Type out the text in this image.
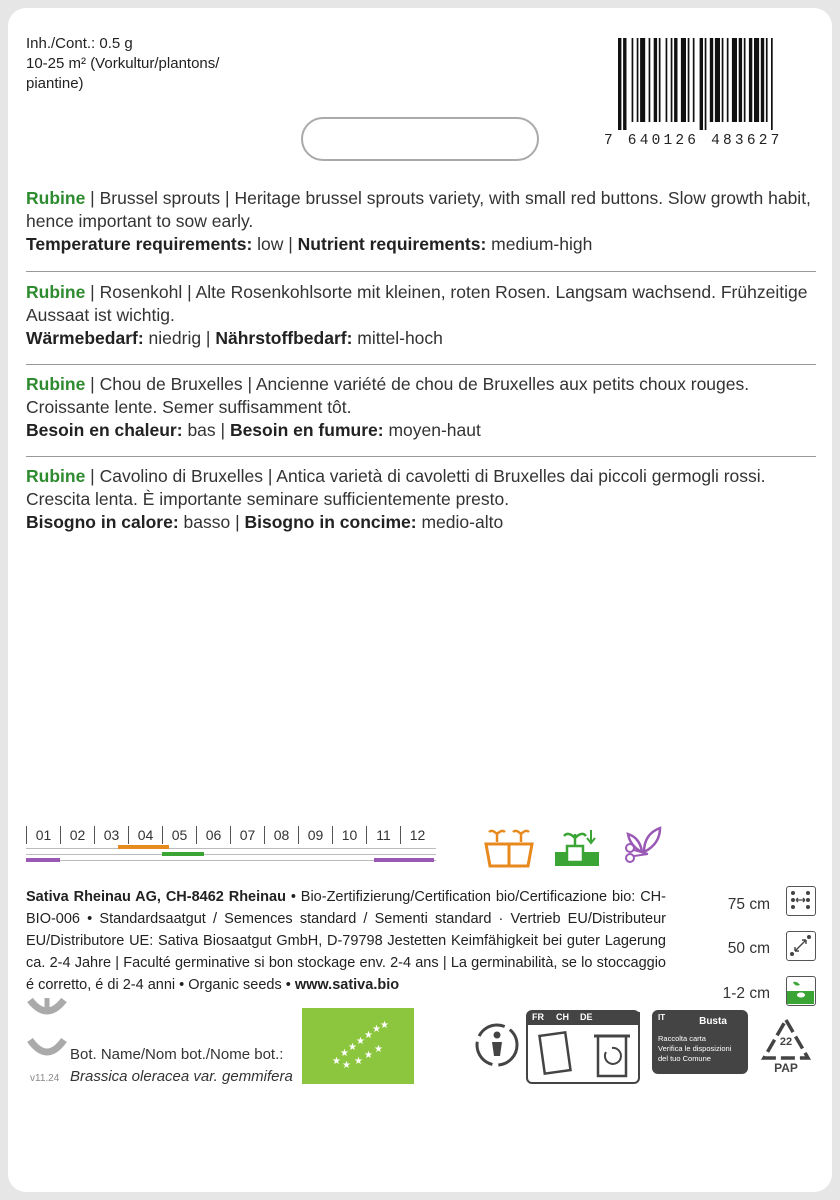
Inh./Cont.: 0.5 g
10-25 m² (Vorkultur/plantons/
piantine)
7 640126 483627
Rubine | Brussel sprouts | Heritage brussel sprouts variety, with small red buttons. Slow growth habit, hence important to sow early.
Temperature requirements: low | Nutrient requirements: medium-high
Rubine | Rosenkohl | Alte Rosenkohlsorte mit kleinen, roten Rosen. Langsam wachsend. Frühzeitige Aussaat ist wichtig.
Wärmebedarf: niedrig | Nährstoffbedarf: mittel-hoch
Rubine | Chou de Bruxelles | Ancienne variété de chou de Bruxelles aux petits choux rouges. Croissante lente. Semer suffisamment tôt.
Besoin en chaleur: bas | Besoin en fumure: moyen-haut
Rubine | Cavolino di Bruxelles | Antica varietà di cavoletti di Bruxelles dai piccoli germogli rossi. Crescita lenta. È importante seminare sufficientemente presto.
Bisogno in calore: basso | Bisogno in concime: medio-alto
01	02	03	04	05	06	07	08	09	10	11	12
Sativa Rheinau AG, CH-8462 Rheinau • Bio-Zertifizierung/Certification bio/Certificazione bio: CH-BIO-006 • Standardsaatgut / Semences standard / Sementi standard · Vertrieb EU/Distributeur EU/Distributore UE: Sativa Biosaatgut GmbH, D-79798 Jestetten Keimfähigkeit bei guter Lagerung ca. 2-4 Jahre | Faculté germinative si bon stockage env. 2-4 ans | La germinabilità, se lo stoccaggio é corretto, é di 2-4 anni • Organic seeds • www.sativa.bio
75 cm
50 cm
1-2 cm
v11.24
Bot. Name/Nom bot./Nome bot.:
Brassica oleracea var. gemmifera
★
★
★
★
★
★ ★
★ ★
★
★
FR	CH	DE	IT	Busta
Raccolta carta
Verifica le disposizioni
del tuo Comune
22
PAP
